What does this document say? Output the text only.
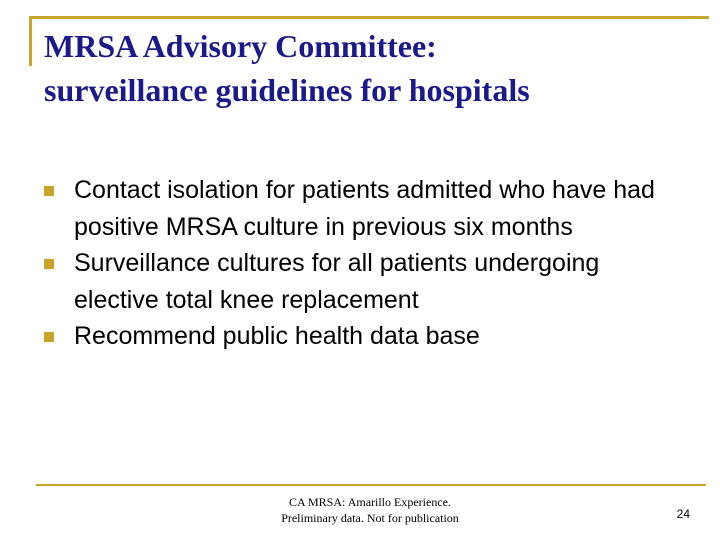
MRSA Advisory Committee:
surveillance guidelines for hospitals
Contact isolation for patients admitted who have had positive MRSA culture in previous six months
Surveillance cultures for all patients undergoing elective total knee replacement
Recommend public health data base
CA MRSA: Amarillo Experience.
Preliminary data. Not for publication	24
